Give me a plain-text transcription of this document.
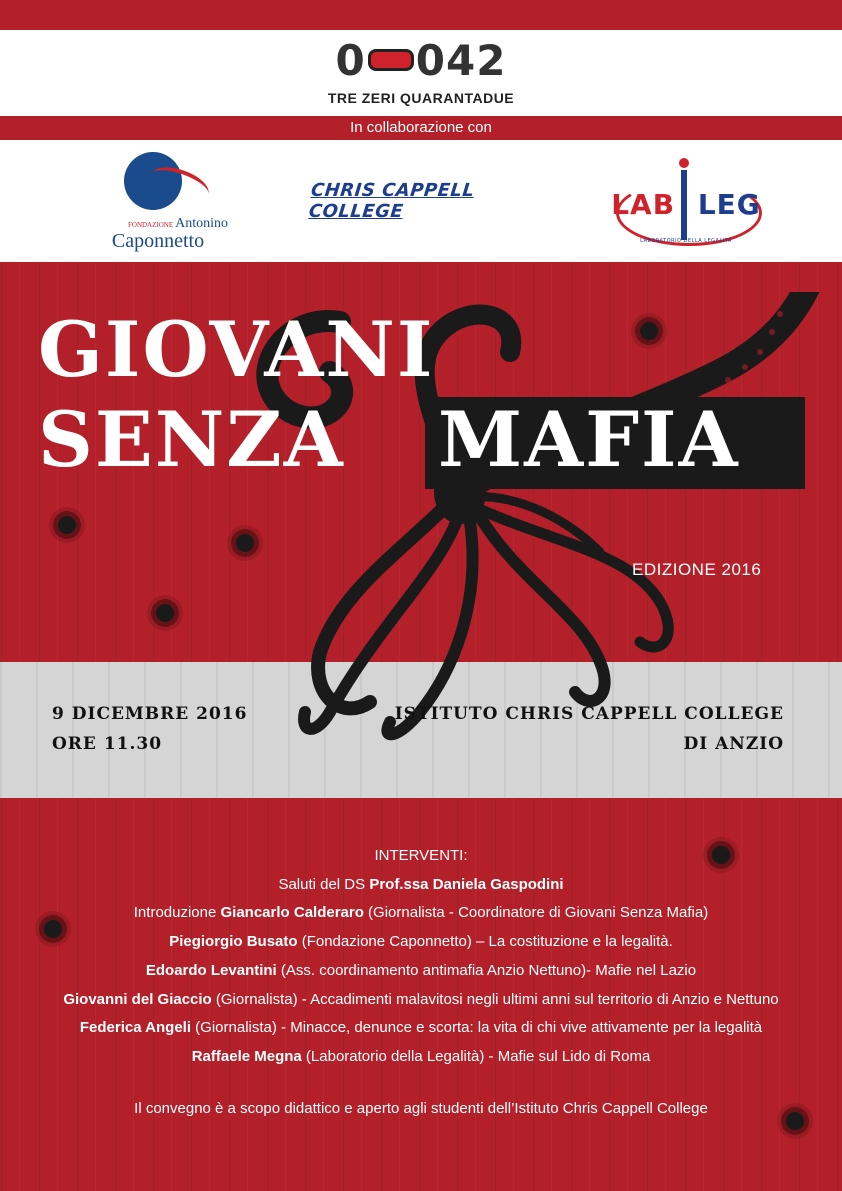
0 042
TRE ZERI QUARANTADUE
In collaborazione con
FONDAZIONE Antonino
Caponnetto
CHRIS CAPPELL COLLEGE	LAB       LEG
LABORATORIO DELLA LEGALITÀ
GIOVANI
SENZA MAFIA
EDIZIONE 2016
9 DICEMBRE 2016
ORE 11.30
ISTITUTO CHRIS CAPPELL COLLEGE
DI ANZIO
INTERVENTI:
Saluti del DS Prof.ssa Daniela Gaspodini
Introduzione Giancarlo Calderaro (Giornalista - Coordinatore di Giovani Senza Mafia)
Piegiorgio Busato (Fondazione Caponnetto) – La costituzione e la legalità.
Edoardo Levantini (Ass. coordinamento antimafia Anzio Nettuno)- Mafie nel Lazio
Giovanni del Giaccio (Giornalista) - Accadimenti malavitosi negli ultimi anni sul territorio di Anzio e Nettuno
Federica Angeli (Giornalista) - Minacce, denunce e scorta: la vita di chi vive attivamente per la legalità
Raffaele Megna (Laboratorio della Legalità) - Mafie sul Lido di Roma
Il convegno è a scopo didattico e aperto agli studenti dell’Istituto Chris Cappell College
